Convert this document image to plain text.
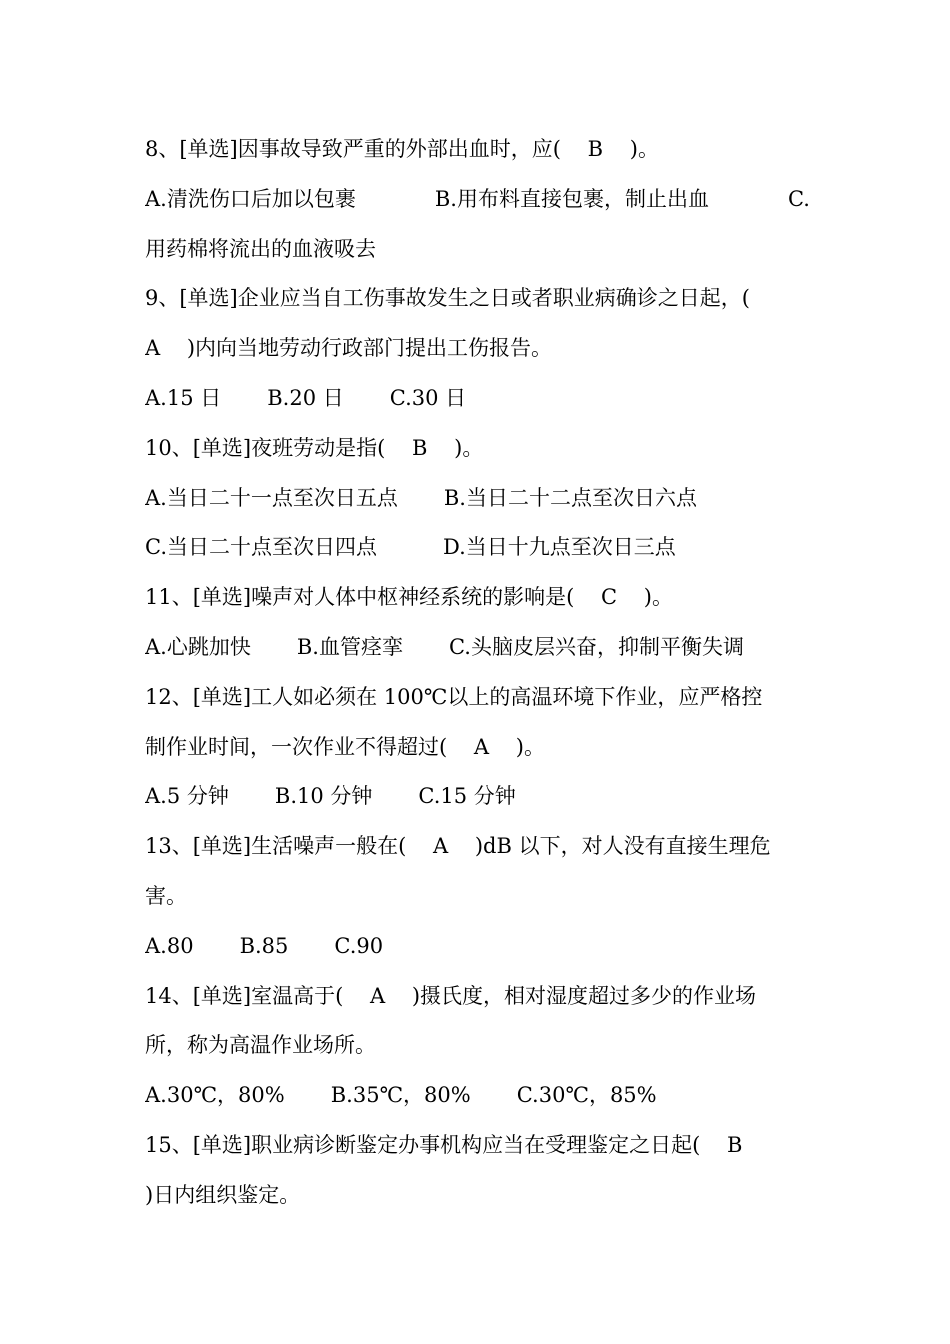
8、[单选]因事故导致严重的外部出血时，应(    B    )。
A.清洗伤口后加以包裹	B.用布料直接包裹，制止出血	C.
用药棉将流出的血液吸去
9、[单选]企业应当自工伤事故发生之日或者职业病确诊之日起，(
A    )内向当地劳动行政部门提出工伤报告。
A.15 日 B.20 日 C.30 日
10、[单选]夜班劳动是指(    B    )。
A.当日二十一点至次日五点 B.当日二十二点至次日六点
C.当日二十点至次日四点	D.当日十九点至次日三点
11、[单选]噪声对人体中枢神经系统的影响是(    C    )。
A.心跳加快 B.血管痉挛 C.头脑皮层兴奋，抑制平衡失调
12、[单选]工人如必须在 100℃以上的高温环境下作业，应严格控
制作业时间，一次作业不得超过(    A    )。
A.5 分钟 B.10 分钟 C.15 分钟
13、[单选]生活噪声一般在(    A    )dB 以下，对人没有直接生理危
害。
A.80 B.85 C.90
14、[单选]室温高于(    A    )摄氏度，相对湿度超过多少的作业场
所，称为高温作业场所。
A.30℃，80% B.35℃，80% C.30℃，85%
15、[单选]职业病诊断鉴定办事机构应当在受理鉴定之日起(    B
)日内组织鉴定。
